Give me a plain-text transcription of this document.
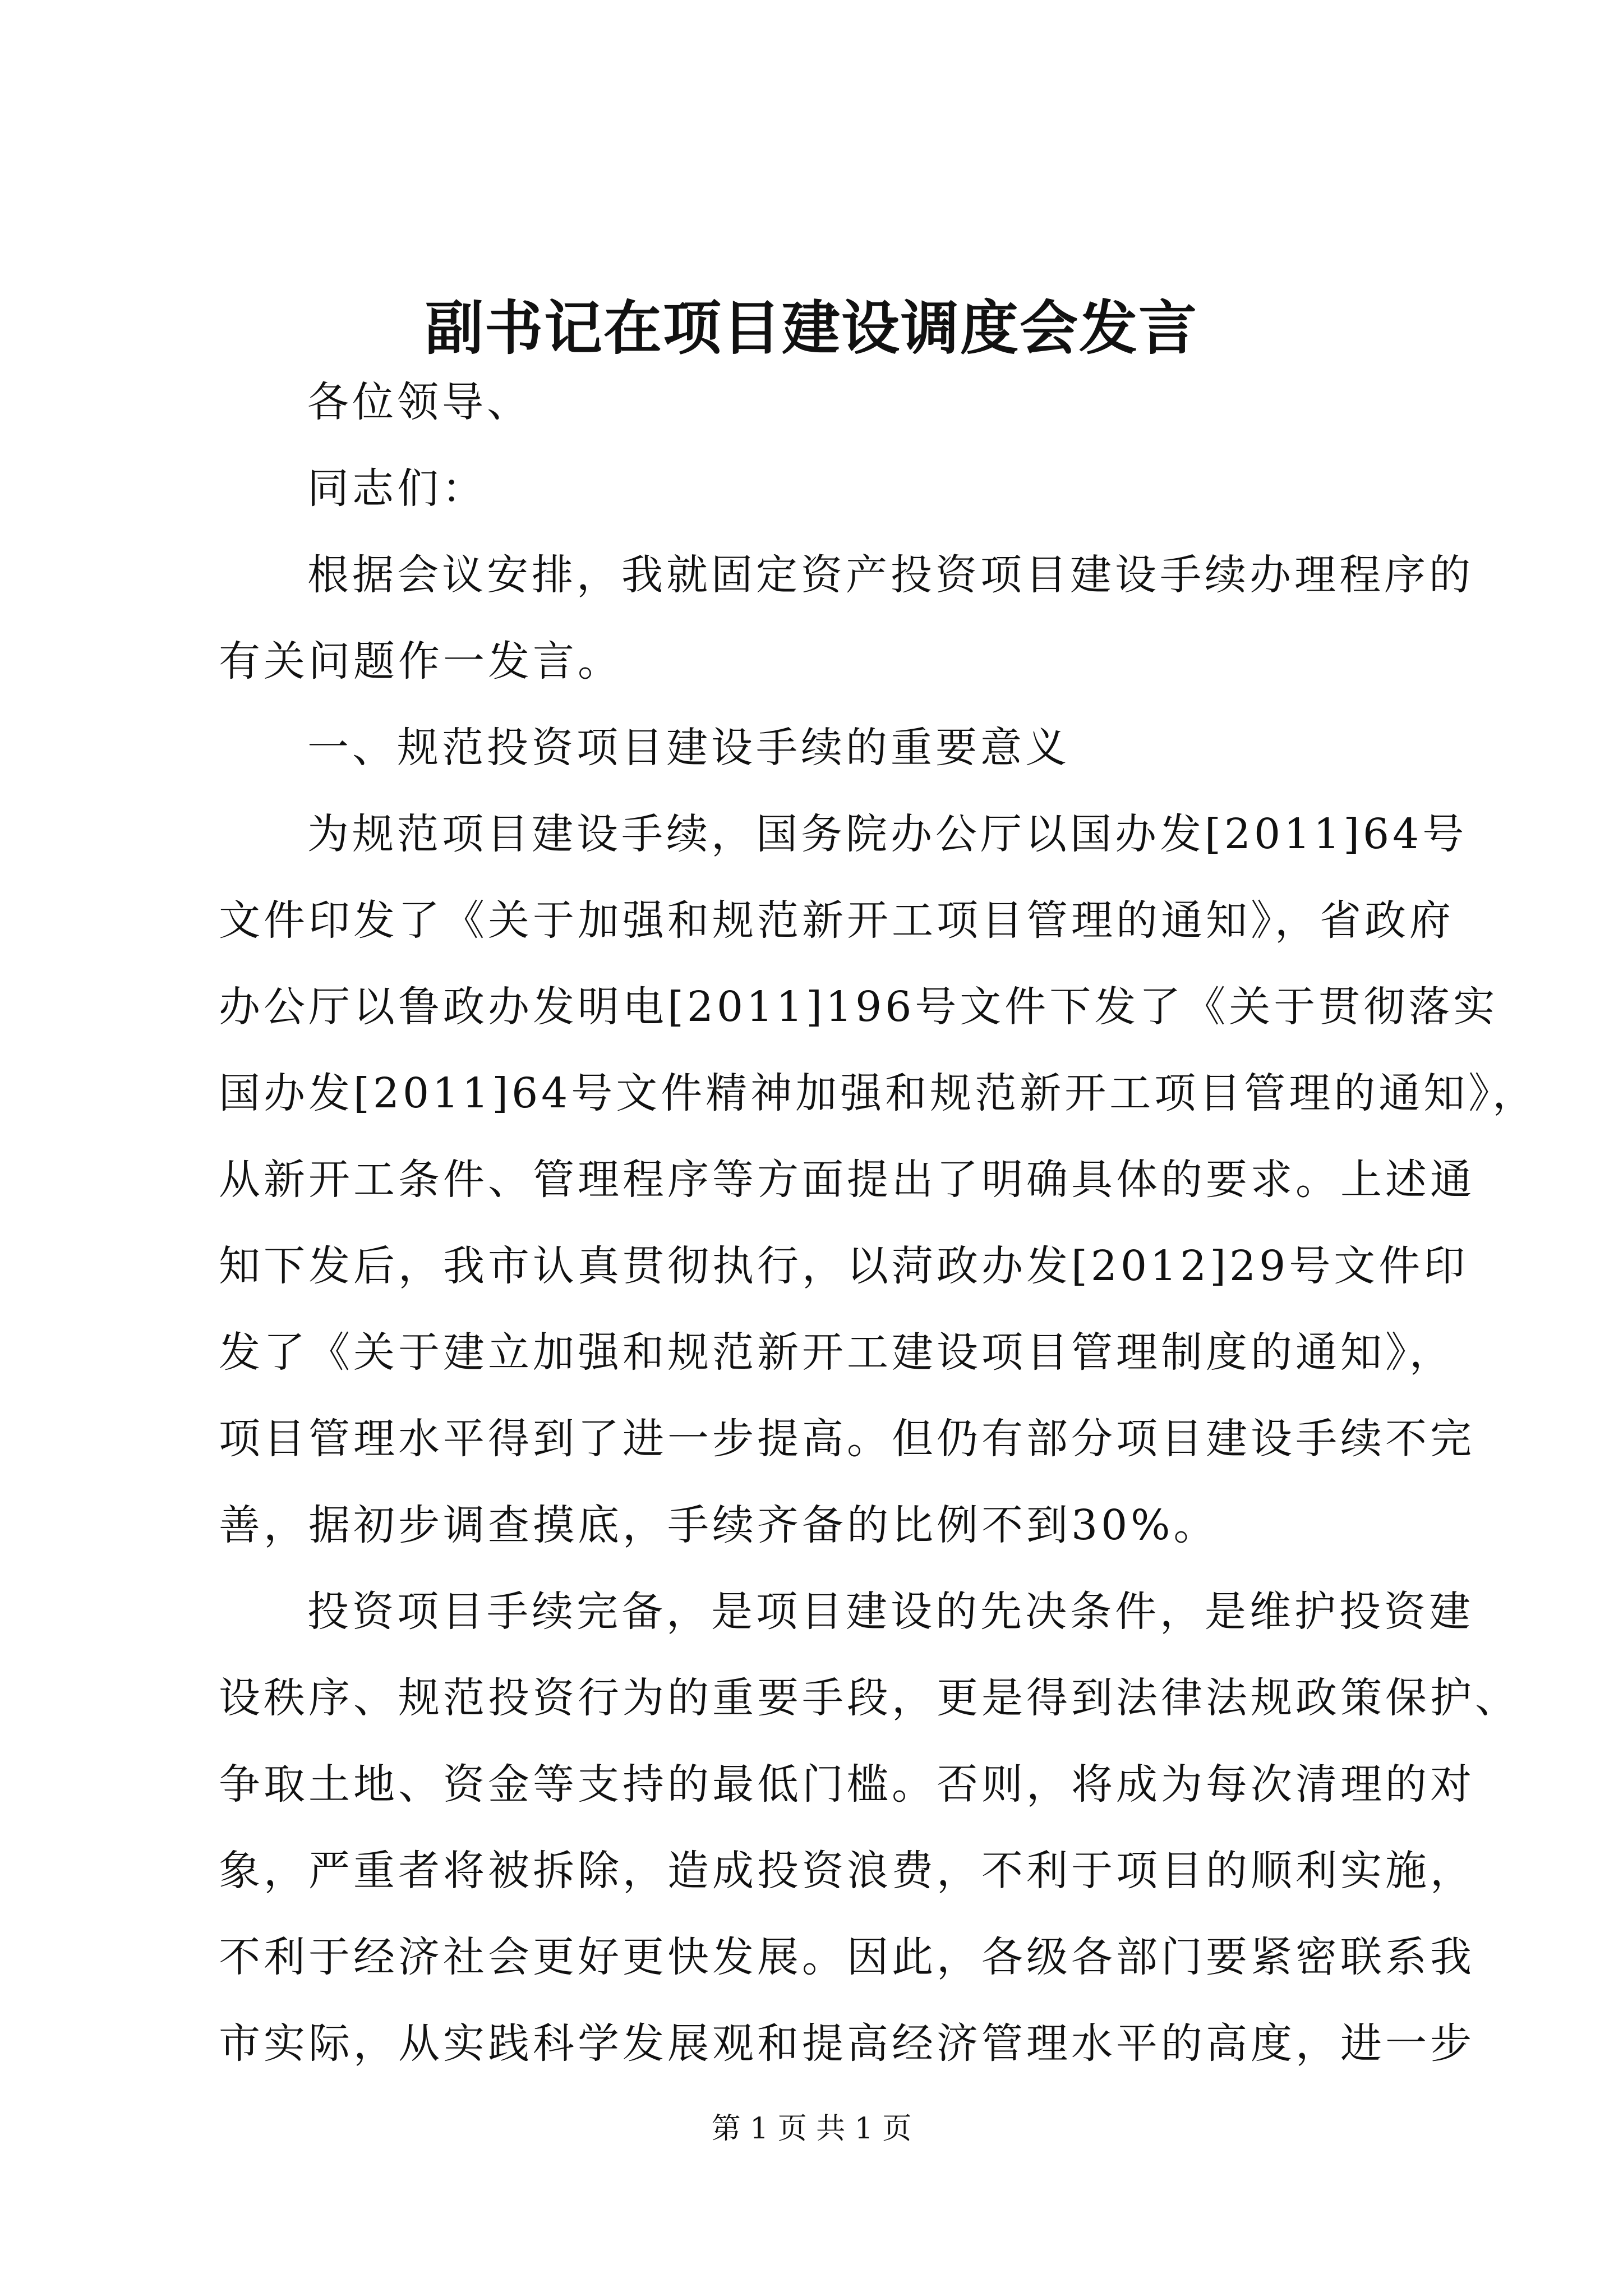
副书记在项目建设调度会发言
各位领导、
同志们：
根据会议安排，我就固定资产投资项目建设手续办理程序的
有关问题作一发言。
一、规范投资项目建设手续的重要意义
为规范项目建设手续，国务院办公厅以国办发[2011]64号
文件印发了《关于加强和规范新开工项目管理的通知》，省政府
办公厅以鲁政办发明电[2011]196号文件下发了《关于贯彻落实
国办发[2011]64号文件精神加强和规范新开工项目管理的通知》，
从新开工条件、管理程序等方面提出了明确具体的要求。上述通
知下发后，我市认真贯彻执行，以菏政办发[2012]29号文件印
发了《关于建立加强和规范新开工建设项目管理制度的通知》，
项目管理水平得到了进一步提高。但仍有部分项目建设手续不完
善，据初步调查摸底，手续齐备的比例不到30%。
投资项目手续完备，是项目建设的先决条件，是维护投资建
设秩序、规范投资行为的重要手段，更是得到法律法规政策保护、
争取土地、资金等支持的最低门槛。否则，将成为每次清理的对
象，严重者将被拆除，造成投资浪费，不利于项目的顺利实施，
不利于经济社会更好更快发展。因此，各级各部门要紧密联系我
市实际，从实践科学发展观和提高经济管理水平的高度，进一步
第 1 页 共 1 页
